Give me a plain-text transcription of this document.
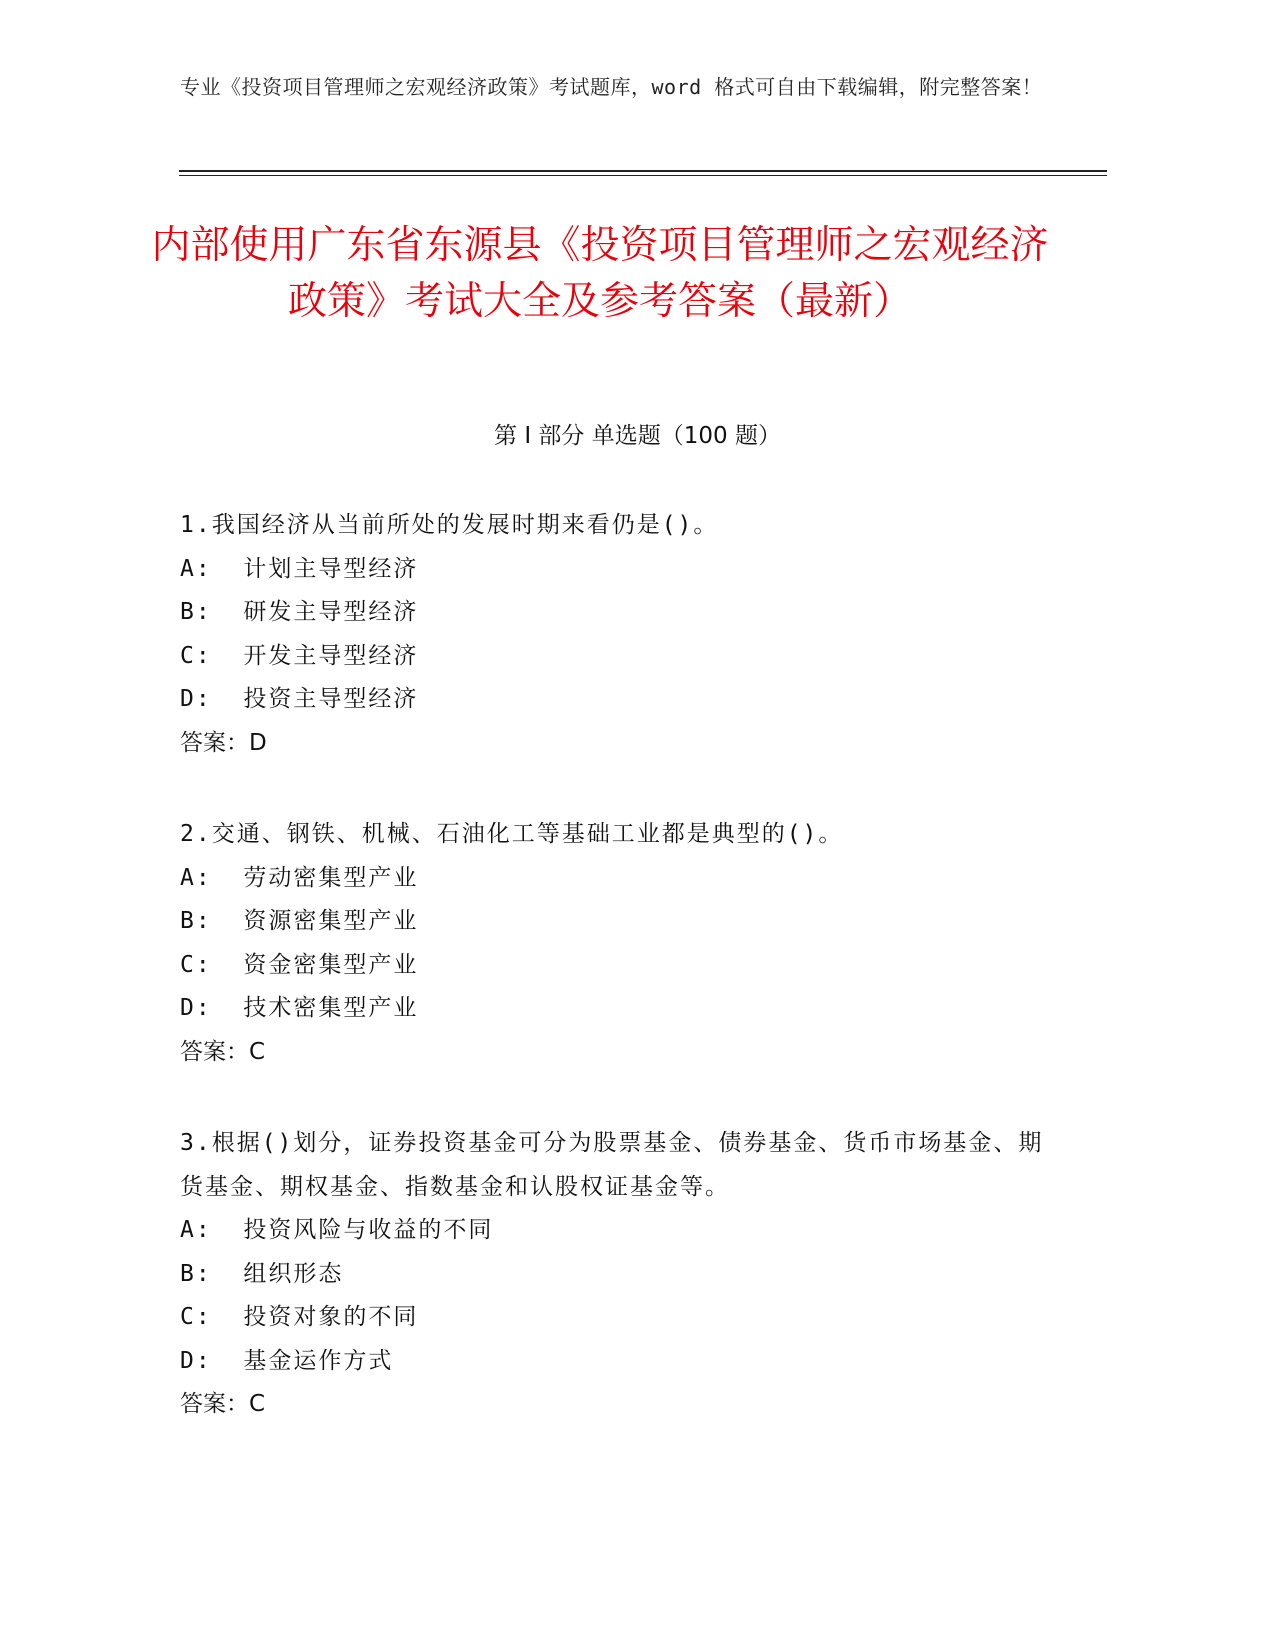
专业《投资项目管理师之宏观经济政策》考试题库，word 格式可自由下载编辑，附完整答案！
内部使用广东省东源县《投资项目管理师之宏观经济政策》考试大全及参考答案（最新）
第 I 部分 单选题（100 题）
1.我国经济从当前所处的发展时期来看仍是()。
A:  计划主导型经济
B:  研发主导型经济
C:  开发主导型经济
D:  投资主导型经济
答案：D
2.交通、钢铁、机械、石油化工等基础工业都是典型的()。
A:  劳动密集型产业
B:  资源密集型产业
C:  资金密集型产业
D:  技术密集型产业
答案：C
3.根据()划分，证券投资基金可分为股票基金、债券基金、货币市场基金、期货基金、期权基金、指数基金和认股权证基金等。
A:  投资风险与收益的不同
B:  组织形态
C:  投资对象的不同
D:  基金运作方式
答案：C
